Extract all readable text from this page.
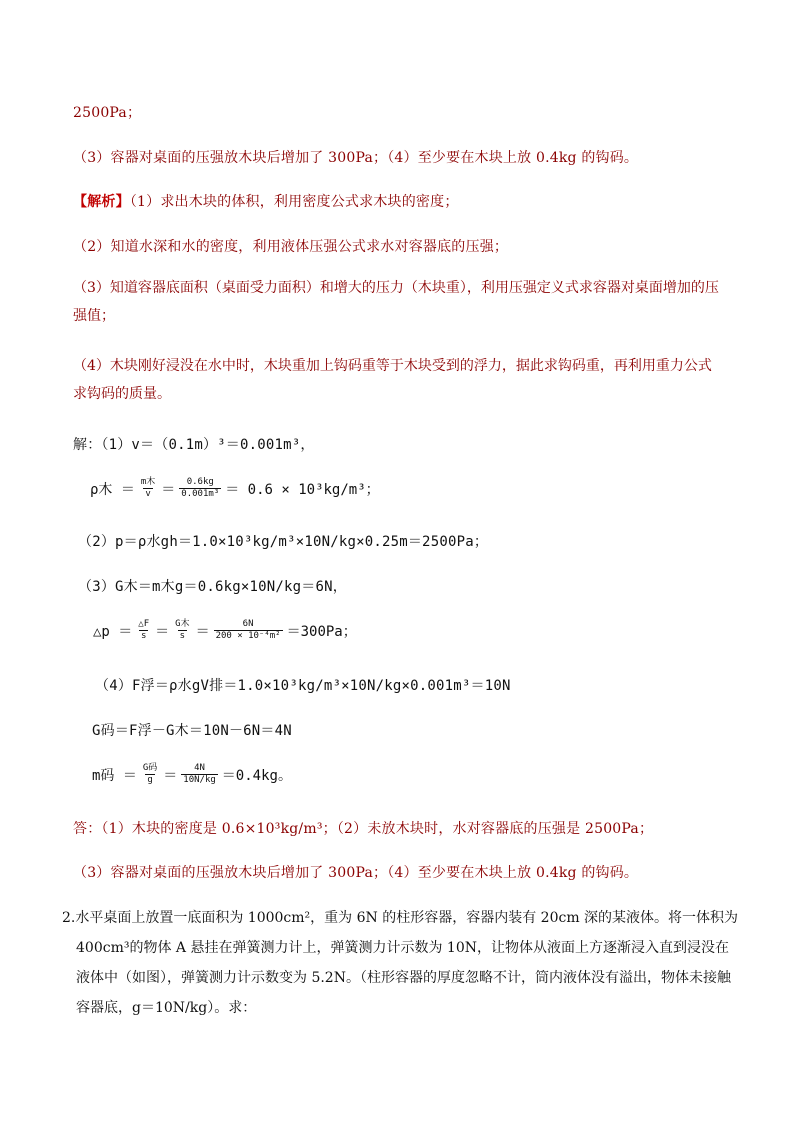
2500Pa；
（3）容器对桌面的压强放木块后增加了 300Pa；（4）至少要在木块上放 0.4kg 的钩码。
【解析】（1）求出木块的体积，利用密度公式求木块的密度；
（2）知道水深和水的密度，利用液体压强公式求水对容器底的压强；
（3）知道容器底面积（桌面受力面积）和增大的压力（木块重），利用压强定义式求容器对桌面增加的压强值；
（4）木块刚好浸没在水中时，木块重加上钩码重等于木块受到的浮力，据此求钩码重，再利用重力公式求钩码的质量。
解：（1）v＝（0.1m）³＝0.001m³，
ρ木 ＝ $\frac{\text{m木}}{v} = \frac{0.6kg}{\text{0.001m³}} = 0.6 \times 10^3kg/m^3$；
（2）p＝ρ水gh＝1.0×10³kg/m³×10N/kg×0.25m＝2500Pa；
（3）G木＝m木g＝0.6kg×10N/kg＝6N，
△p ＝ $\frac{\triangle F}{s} = \frac{\text{G木}}{s} = \frac{6N}{\text{200 × 10⁻⁴m²}} =300Pa$；
（4）F浮＝ρ水gV排＝1.0×10³kg/m³×10N/kg×0.001m³＝10N
G码＝F浮－G木＝10N－6N＝4N
m码 ＝ $\frac{\text{G码}}{g} = \frac{4N}{10N/kg} =0.4kg$。
答：（1）木块的密度是 0.6×10³kg/m³；（2）未放木块时，水对容器底的压强是 2500Pa；
（3）容器对桌面的压强放木块后增加了 300Pa；（4）至少要在木块上放 0.4kg 的钩码。
2.水平桌面上放置一底面积为 1000cm²，重为 6N 的柱形容器，容器内装有 20cm 深的某液体。将一体积为 400cm³的物体 A 悬挂在弹簧测力计上，弹簧测力计示数为 10N，让物体从液面上方逐渐浸入直到浸没在液体中（如图），弹簧测力计示数变为 5.2N。（柱形容器的厚度忽略不计，筒内液体没有溢出，物体未接触容器底，g＝10N/kg）。求：
